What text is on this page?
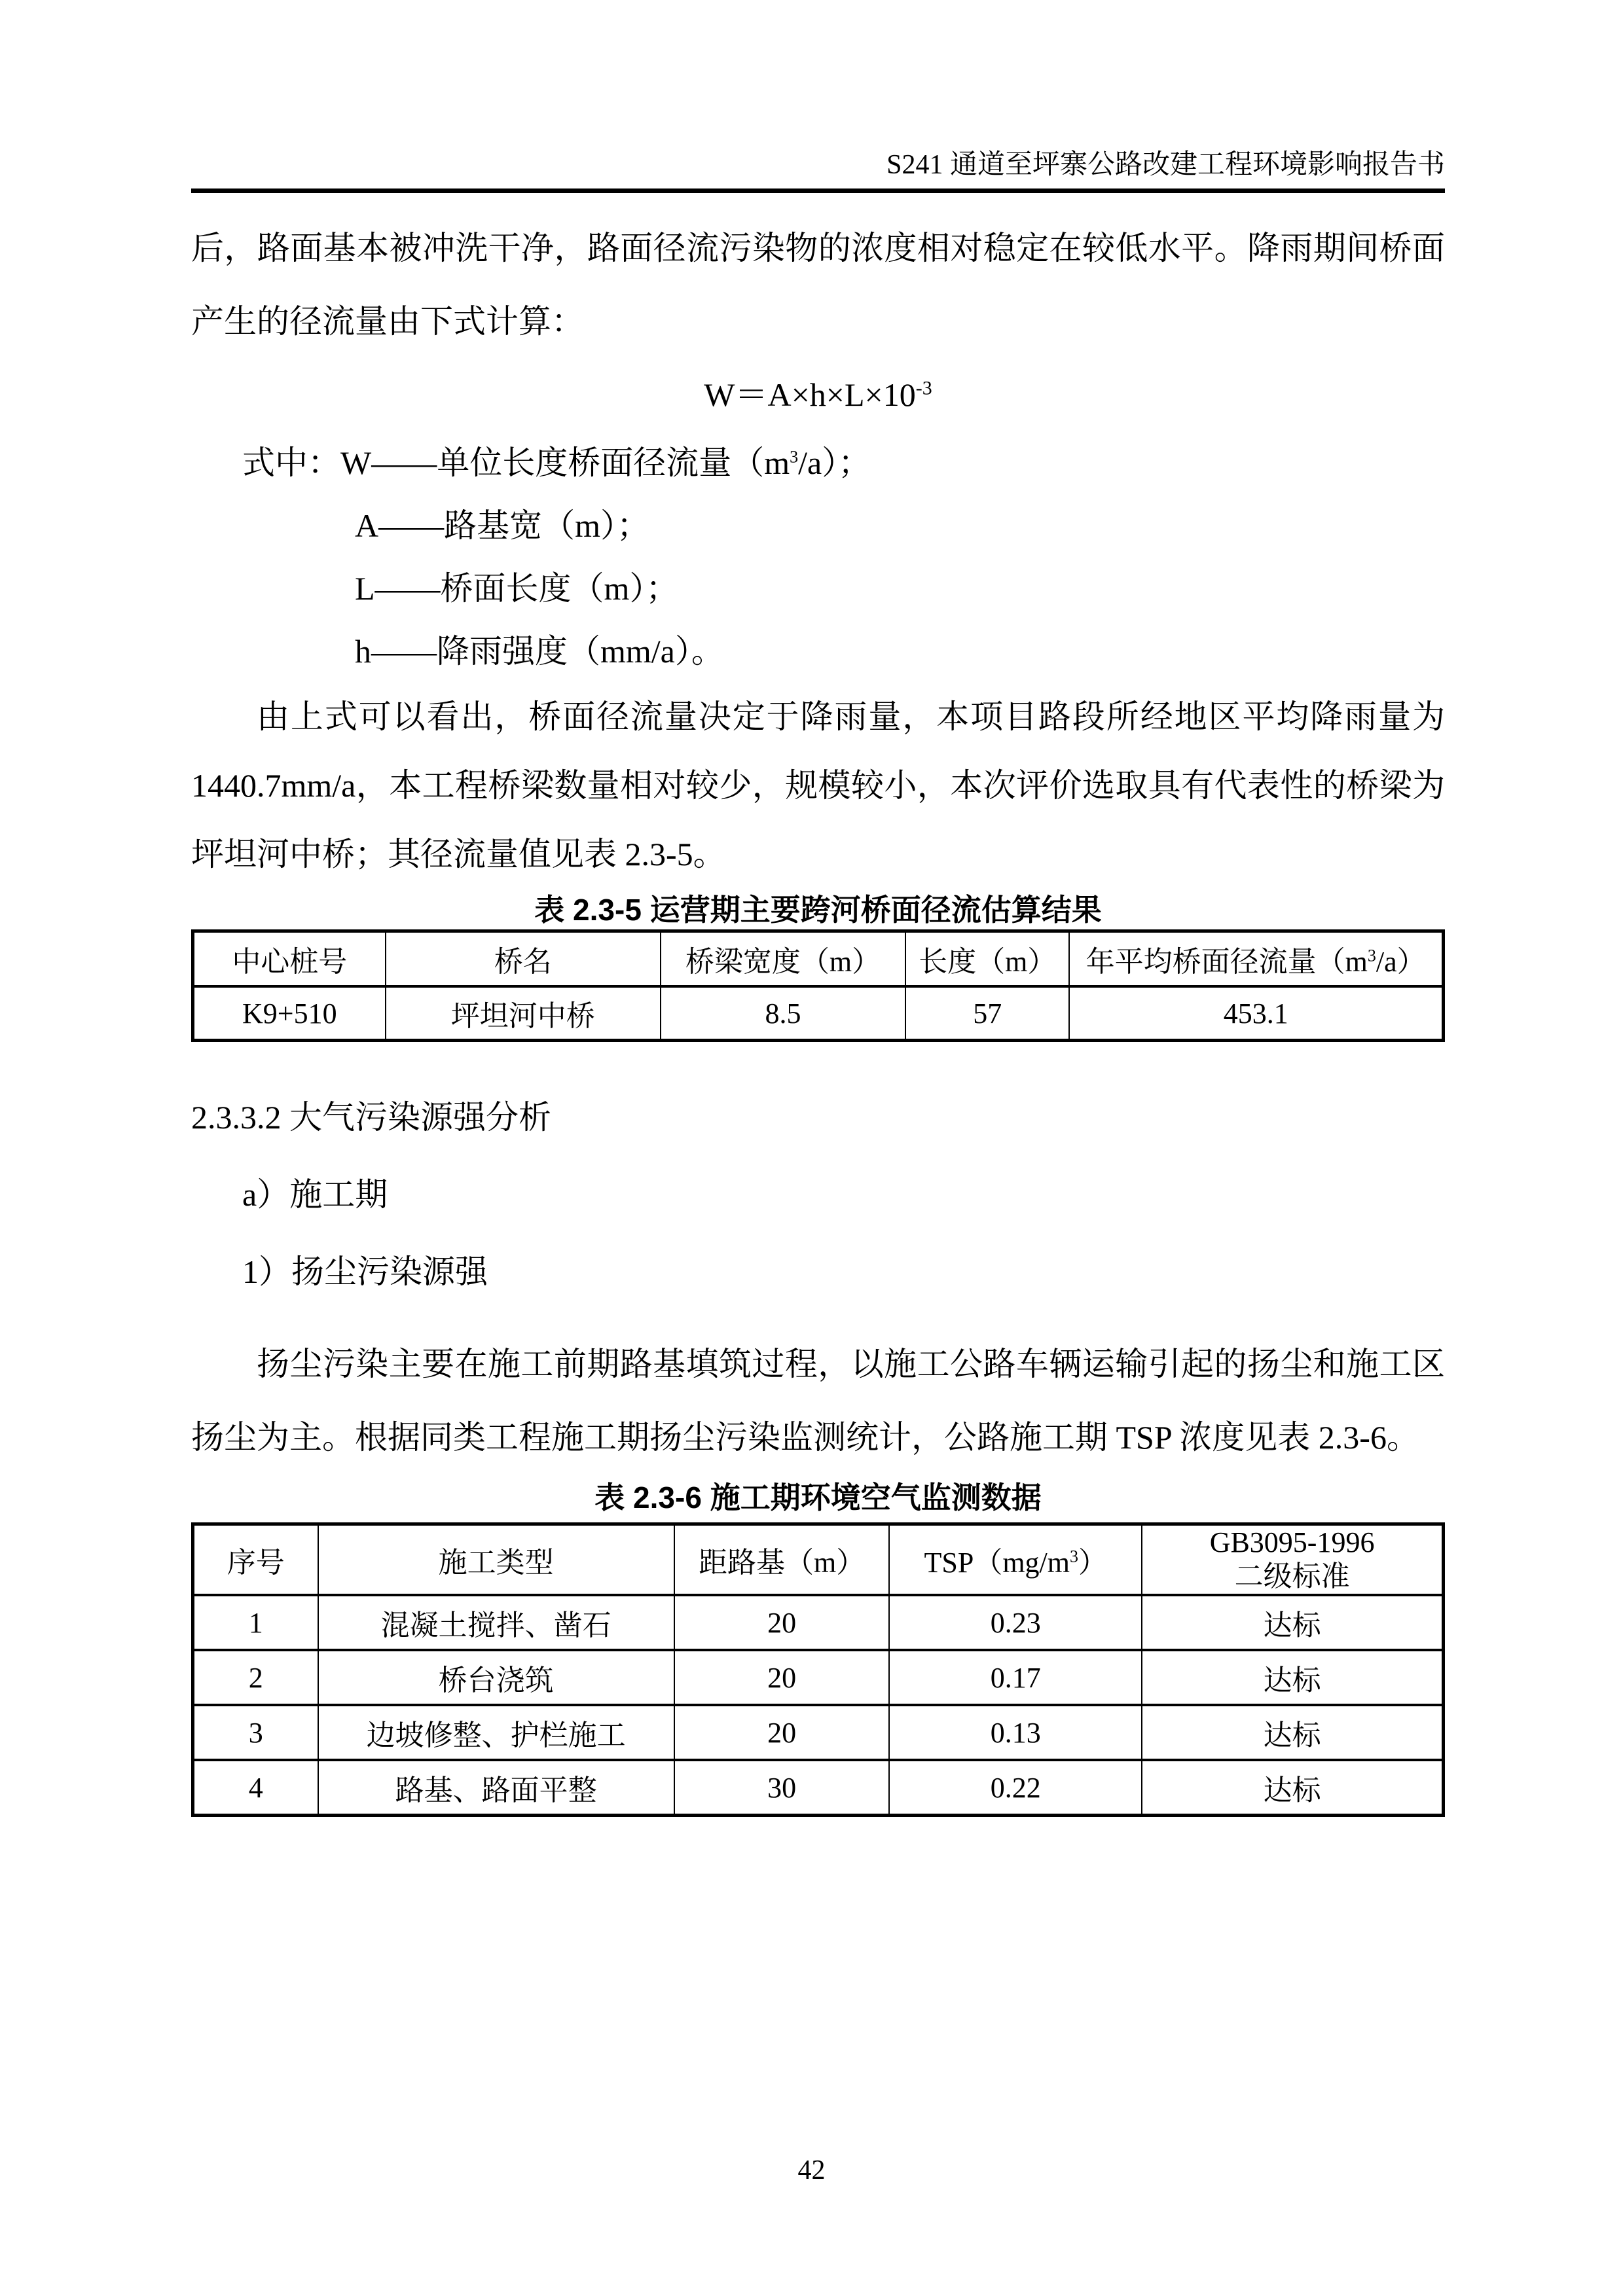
S241 通道至坪寨公路改建工程环境影响报告书

后，路面基本被冲洗干净，路面径流污染物的浓度相对稳定在较低水平。降雨期间桥面产生的径流量由下式计算：

$W=A\times h\times L\times 10^{-3}$
式中：W——单位长度桥面径流量$(m^3/a)$；
A——路基宽（m）；
L——桥面长度（m）；
h——降雨强度（mm/a）。

由上式可以看出，桥面径流量决定于降雨量，本项目路段所经地区平均降雨量为1440.7mm/a，本工程桥梁数量相对较少，规模较小，本次评价选取具有代表性的桥梁为坪坦河中桥；其径流量值见表 2.3-5。

表 2.3-5 运营期主要跨河桥面径流估算结果
中心桩号	桥名	桥梁宽度（m）	长度（m）	年平均桥面径流量$(m^3/a)$
K9+510	坪坦河中桥	8.5	57	453.1
2.3.3.2 大气污染源强分析
a）施工期
1）扬尘污染源强

扬尘污染主要在施工前期路基填筑过程，以施工公路车辆运输引起的扬尘和施工区扬尘为主。根据同类工程施工期扬尘污染监测统计，公路施工期 TSP 浓度见表 2.3-6。

表 2.3-6 施工期环境空气监测数据
序号	施工类型	距路基（m）	$TSP(mg/m^3)$	GB3095-1996
二级标准

1	混凝土搅拌、凿石	20	0.23	达标
2	桥台浇筑	20	0.17	达标
3	边坡修整、护栏施工	20	0.13	达标
4	路基、路面平整	30	0.22	达标
42
